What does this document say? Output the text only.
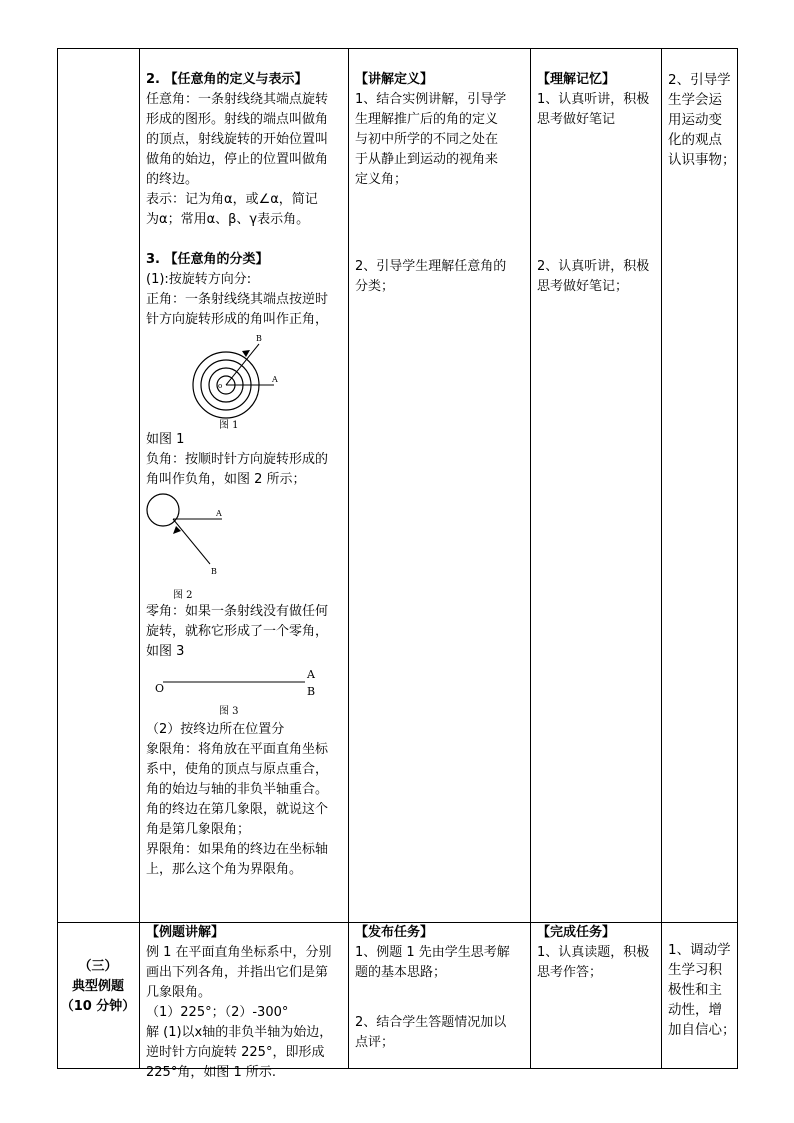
2. 【任意角的定义与表示】

任意角：一条射线绕其端点旋转

形成的图形。射线的端点叫做角

的顶点，射线旋转的开始位置叫

做角的始边，停止的位置叫做角

的终边。

表示：记为角α，或∠α，简记

为α；常用α、β、γ表示角。

3. 【任意角的分类】

(1):按旋转方向分:

正角：一条射线绕其端点按逆时

针方向旋转形成的角叫作正角，

A
B
o
图 1

如图 1

负角：按顺时针方向旋转形成的

角叫作负角，如图 2 所示；

A
B
图 2

零角：如果一条射线没有做任何

旋转，就称它形成了一个零角，

如图 3

O
A
B
图 3

（2）按终边所在位置分

象限角：将角放在平面直角坐标

系中，使角的顶点与原点重合，

角的始边与轴的非负半轴重合。

角的终边在第几象限，就说这个

角是第几象限角；

界限角：如果角的终边在坐标轴

上，那么这个角为界限角。

【讲解定义】

1、结合实例讲解，引导学

生理解推广后的角的定义

与初中所学的不同之处在

于从静止到运动的视角来

定义角；

2、引导学生理解任意角的

分类；

【理解记忆】

1、认真听讲，积极

思考做好笔记

2、认真听讲，积极

思考做好笔记；

2、引导学

生学会运

用运动变

化的观点

认识事物；

（三）

典型例题

（10 分钟）

【例题讲解】

例 1 在平面直角坐标系中，分别

画出下列各角，并指出它们是第

几象限角。

（1）225°；（2）-300°

解 (1)以x轴的非负半轴为始边，

逆时针方向旋转 225°，即形成

225°角，如图 1 所示.

【发布任务】

1、例题 1 先由学生思考解

题的基本思路；

2、结合学生答题情况加以

点评；

【完成任务】

1、认真读题，积极

思考作答；

1、调动学

生学习积

极性和主

动性，增

加自信心；
